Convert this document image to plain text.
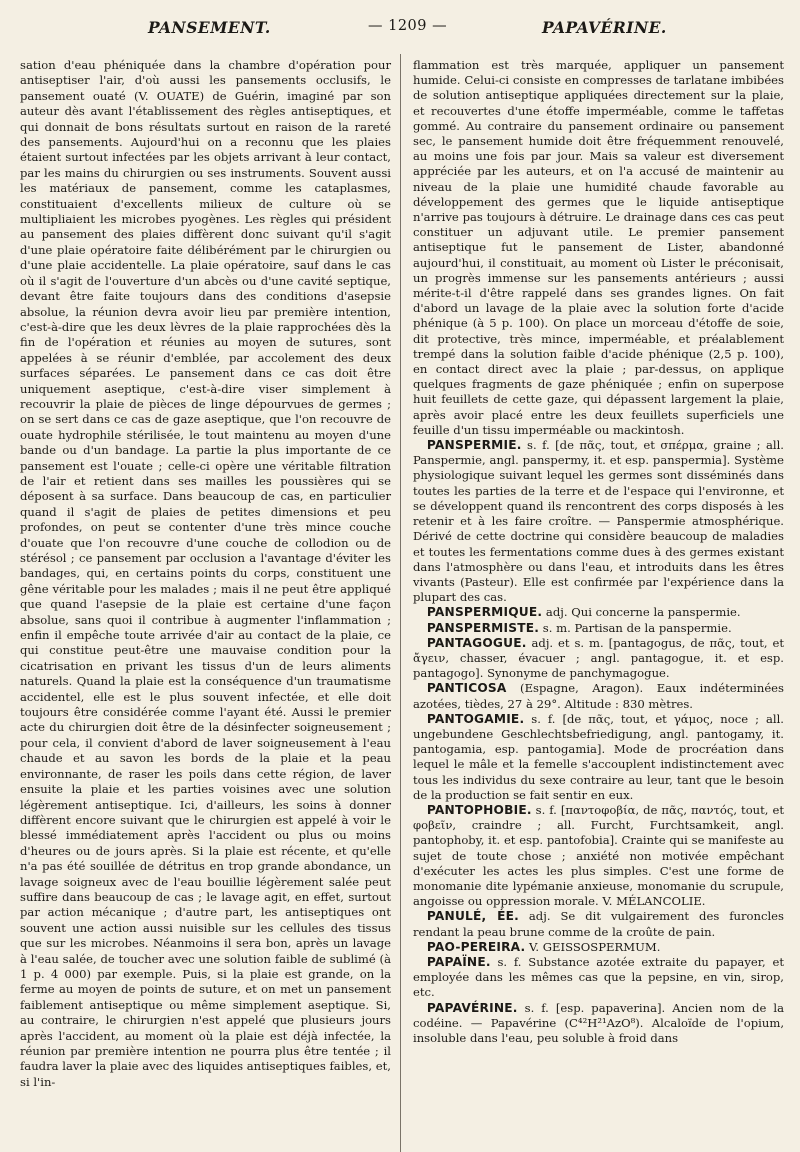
PANSEMENT.	— 1209 —	PAPAVÉRINE.

sation d'eau phéniquée dans la chambre d'opération pour antiseptiser l'air, d'où aussi les pansements occlusifs, le pansement ouaté (V. OUATE) de Guérin, imaginé par son auteur dès avant l'établissement des règles antiseptiques, et qui donnait de bons résultats surtout en raison de la rareté des pansements. Aujourd'hui on a reconnu que les plaies étaient surtout infectées par les objets arrivant à leur contact, par les mains du chirurgien ou ses instruments. Souvent aussi les matériaux de pansement, comme les cataplasmes, constituaient d'excellents milieux de culture où se multipliaient les microbes pyogènes. Les règles qui président au pansement des plaies diffèrent donc suivant qu'il s'agit d'une plaie opératoire faite délibérément par le chirurgien ou d'une plaie accidentelle. La plaie opératoire, sauf dans le cas où il s'agit de l'ouverture d'un abcès ou d'une cavité septique, devant être faite toujours dans des conditions d'asepsie absolue, la réunion devra avoir lieu par première intention, c'est-à-dire que les deux lèvres de la plaie rapprochées dès la fin de l'opération et réunies au moyen de sutures, sont appelées à se réunir d'emblée, par accolement des deux surfaces séparées. Le pansement dans ce cas doit être uniquement aseptique, c'est-à-dire viser simplement à recouvrir la plaie de pièces de linge dépourvues de germes ; on se sert dans ce cas de gaze aseptique, que l'on recouvre de ouate hydrophile stérilisée, le tout maintenu au moyen d'une bande ou d'un bandage. La partie la plus importante de ce pansement est l'ouate ; celle-ci opère une véritable filtration de l'air et retient dans ses mailles les poussières qui se déposent à sa surface. Dans beaucoup de cas, en particulier quand il s'agit de plaies de petites dimensions et peu profondes, on peut se contenter d'une très mince couche d'ouate que l'on recouvre d'une couche de collodion ou de stérésol ; ce pansement par occlusion a l'avantage d'éviter les bandages, qui, en certains points du corps, constituent une gêne véritable pour les malades ; mais il ne peut être appliqué que quand l'asepsie de la plaie est certaine d'une façon absolue, sans quoi il contribue à augmenter l'inflammation ; enfin il empêche toute arrivée d'air au contact de la plaie, ce qui constitue peut-être une mauvaise condition pour la cicatrisation en privant les tissus d'un de leurs aliments naturels. Quand la plaie est la conséquence d'un traumatisme accidentel, elle est le plus souvent infectée, et elle doit toujours être considérée comme l'ayant été. Aussi le premier acte du chirurgien doit être de la désinfecter soigneusement ; pour cela, il convient d'abord de laver soigneusement à l'eau chaude et au savon les bords de la plaie et la peau environnante, de raser les poils dans cette région, de laver ensuite la plaie et les parties voisines avec une solution légèrement antiseptique. Ici, d'ailleurs, les soins à donner diffèrent encore suivant que le chirurgien est appelé à voir le blessé immédiatement après l'accident ou plus ou moins d'heures ou de jours après. Si la plaie est récente, et qu'elle n'a pas été souillée de détritus en trop grande abondance, un lavage soigneux avec de l'eau bouillie légèrement salée peut suffire dans beaucoup de cas ; le lavage agit, en effet, surtout par action mécanique ; d'autre part, les antiseptiques ont souvent une action aussi nuisible sur les cellules des tissus que sur les microbes. Néanmoins il sera bon, après un lavage à l'eau salée, de toucher avec une solution faible de sublimé (à 1 p. 4 000) par exemple. Puis, si la plaie est grande, on la ferme au moyen de points de suture, et on met un pansement faiblement antiseptique ou même simplement aseptique. Si, au contraire, le chirurgien n'est appelé que plusieurs jours après l'accident, au moment où la plaie est déjà infectée, la réunion par première intention ne pourra plus être tentée ; il faudra laver la plaie avec des liquides antiseptiques faibles, et, si l'in-

flammation est très marquée, appliquer un pansement humide. Celui-ci consiste en compresses de tarlatane imbibées de solution antiseptique appliquées directement sur la plaie, et recouvertes d'une étoffe imperméable, comme le taffetas gommé. Au contraire du pansement ordinaire ou pansement sec, le pansement humide doit être fréquemment renouvelé, au moins une fois par jour. Mais sa valeur est diversement appréciée par les auteurs, et on l'a accusé de maintenir au niveau de la plaie une humidité chaude favorable au développement des germes que le liquide antiseptique n'arrive pas toujours à détruire. Le drainage dans ces cas peut constituer un adjuvant utile. Le premier pansement antiseptique fut le pansement de Lister, abandonné aujourd'hui, il constituait, au moment où Lister le préconisait, un progrès immense sur les pansements antérieurs ; aussi mérite-t-il d'être rappelé dans ses grandes lignes. On fait d'abord un lavage de la plaie avec la solution forte d'acide phénique (à 5 p. 100). On place un morceau d'étoffe de soie, dit protective, très mince, imperméable, et préalablement trempé dans la solution faible d'acide phénique (2,5 p. 100), en contact direct avec la plaie ; par-dessus, on applique quelques fragments de gaze phéniquée ; enfin on superpose huit feuillets de cette gaze, qui dépassent largement la plaie, après avoir placé entre les deux feuillets superficiels une feuille d'un tissu imperméable ou mackintosh.

PANSPERMIE. s. f. [de πᾶς, tout, et σπέρμα, graine ; all. Panspermie, angl. panspermy, it. et esp. panspermia]. Système physiologique suivant lequel les germes sont disséminés dans toutes les parties de la terre et de l'espace qui l'environne, et se développent quand ils rencontrent des corps disposés à les retenir et à les faire croître. — Panspermie atmosphérique. Dérivé de cette doctrine qui considère beaucoup de maladies et toutes les fermentations comme dues à des germes existant dans l'atmosphère ou dans l'eau, et introduits dans les êtres vivants (Pasteur). Elle est confirmée par l'expérience dans la plupart des cas.

PANSPERMIQUE. adj. Qui concerne la panspermie.

PANSPERMISTE. s. m. Partisan de la panspermie.

PANTAGOGUE. adj. et s. m. [pantagogus, de πᾶς, tout, et ἄγειν, chasser, évacuer ; angl. pantagogue, it. et esp. pantagogo]. Synonyme de panchymagogue.

PANTICOSA (Espagne, Aragon). Eaux indéterminées azotées, tièdes, 27 à 29°. Altitude : 830 mètres.

PANTOGAMIE. s. f. [de πᾶς, tout, et γάμος, noce ; all. ungebundene Geschlechtsbefriedigung, angl. pantogamy, it. pantogamia, esp. pantogamia]. Mode de procréation dans lequel le mâle et la femelle s'accouplent indistinctement avec tous les individus du sexe contraire au leur, tant que le besoin de la production se fait sentir en eux.

PANTOPHOBIE. s. f. [παντοφοβία, de πᾶς, παντός, tout, et φοβεῖν, craindre ; all. Furcht, Furchtsamkeit, angl. pantophoby, it. et esp. pantofobia]. Crainte qui se manifeste au sujet de toute chose ; anxiété non motivée empêchant d'exécuter les actes les plus simples. C'est une forme de monomanie dite lypémanie anxieuse, monomanie du scrupule, angoisse ou oppression morale. V. MÉLANCOLIE.

PANULÉ, ÉE. adj. Se dit vulgairement des furoncles rendant la peau brune comme de la croûte de pain.

PAO-PEREIRA. V. GEISSOSPERMUM.

PAPAÏNE. s. f. Substance azotée extraite du papayer, et employée dans les mêmes cas que la pepsine, en vin, sirop, etc.

PAPAVÉRINE. s. f. [esp. papaverina]. Ancien nom de la codéine. — Papavérine (C⁴²H²¹AzO⁸). Alcaloïde de l'opium, insoluble dans l'eau, peu soluble à froid dans
